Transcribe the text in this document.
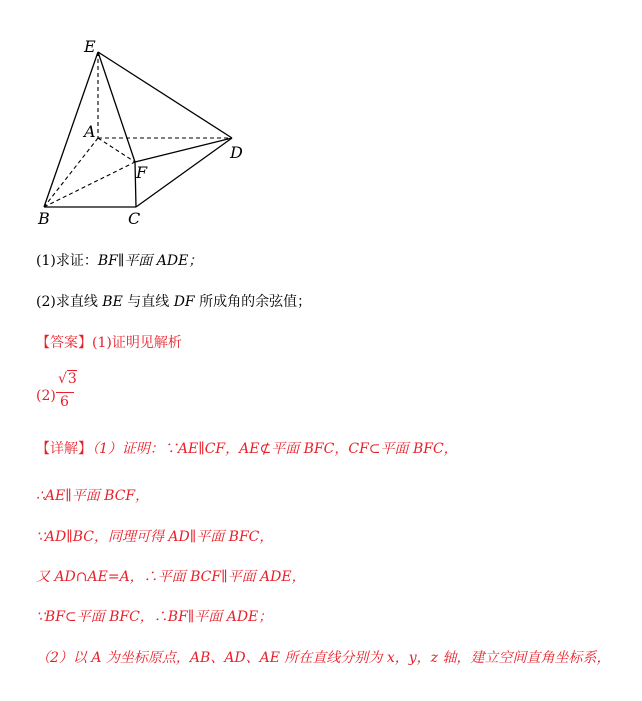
E
A
D
F
B	C
(1)求证：BF∥平面 ADE；
(2)求直线 BE 与直线 DF 所成角的余弦值；
【答案】(1)证明见解析
(2)
√3
6
【详解】（1）证明：∵AE∥CF，AE⊄平面 BFC，CF⊂平面 BFC，
∴AE∥平面 BCF，
∵AD∥BC，同理可得 AD∥平面 BFC，
又 AD∩AE=A，∴平面 BCF∥平面 ADE，
∵BF⊂平面 BFC，∴BF∥平面 ADE；
（2）以 A 为坐标原点，AB、AD、AE 所在直线分别为 x，y，z 轴，建立空间直角坐标系，
